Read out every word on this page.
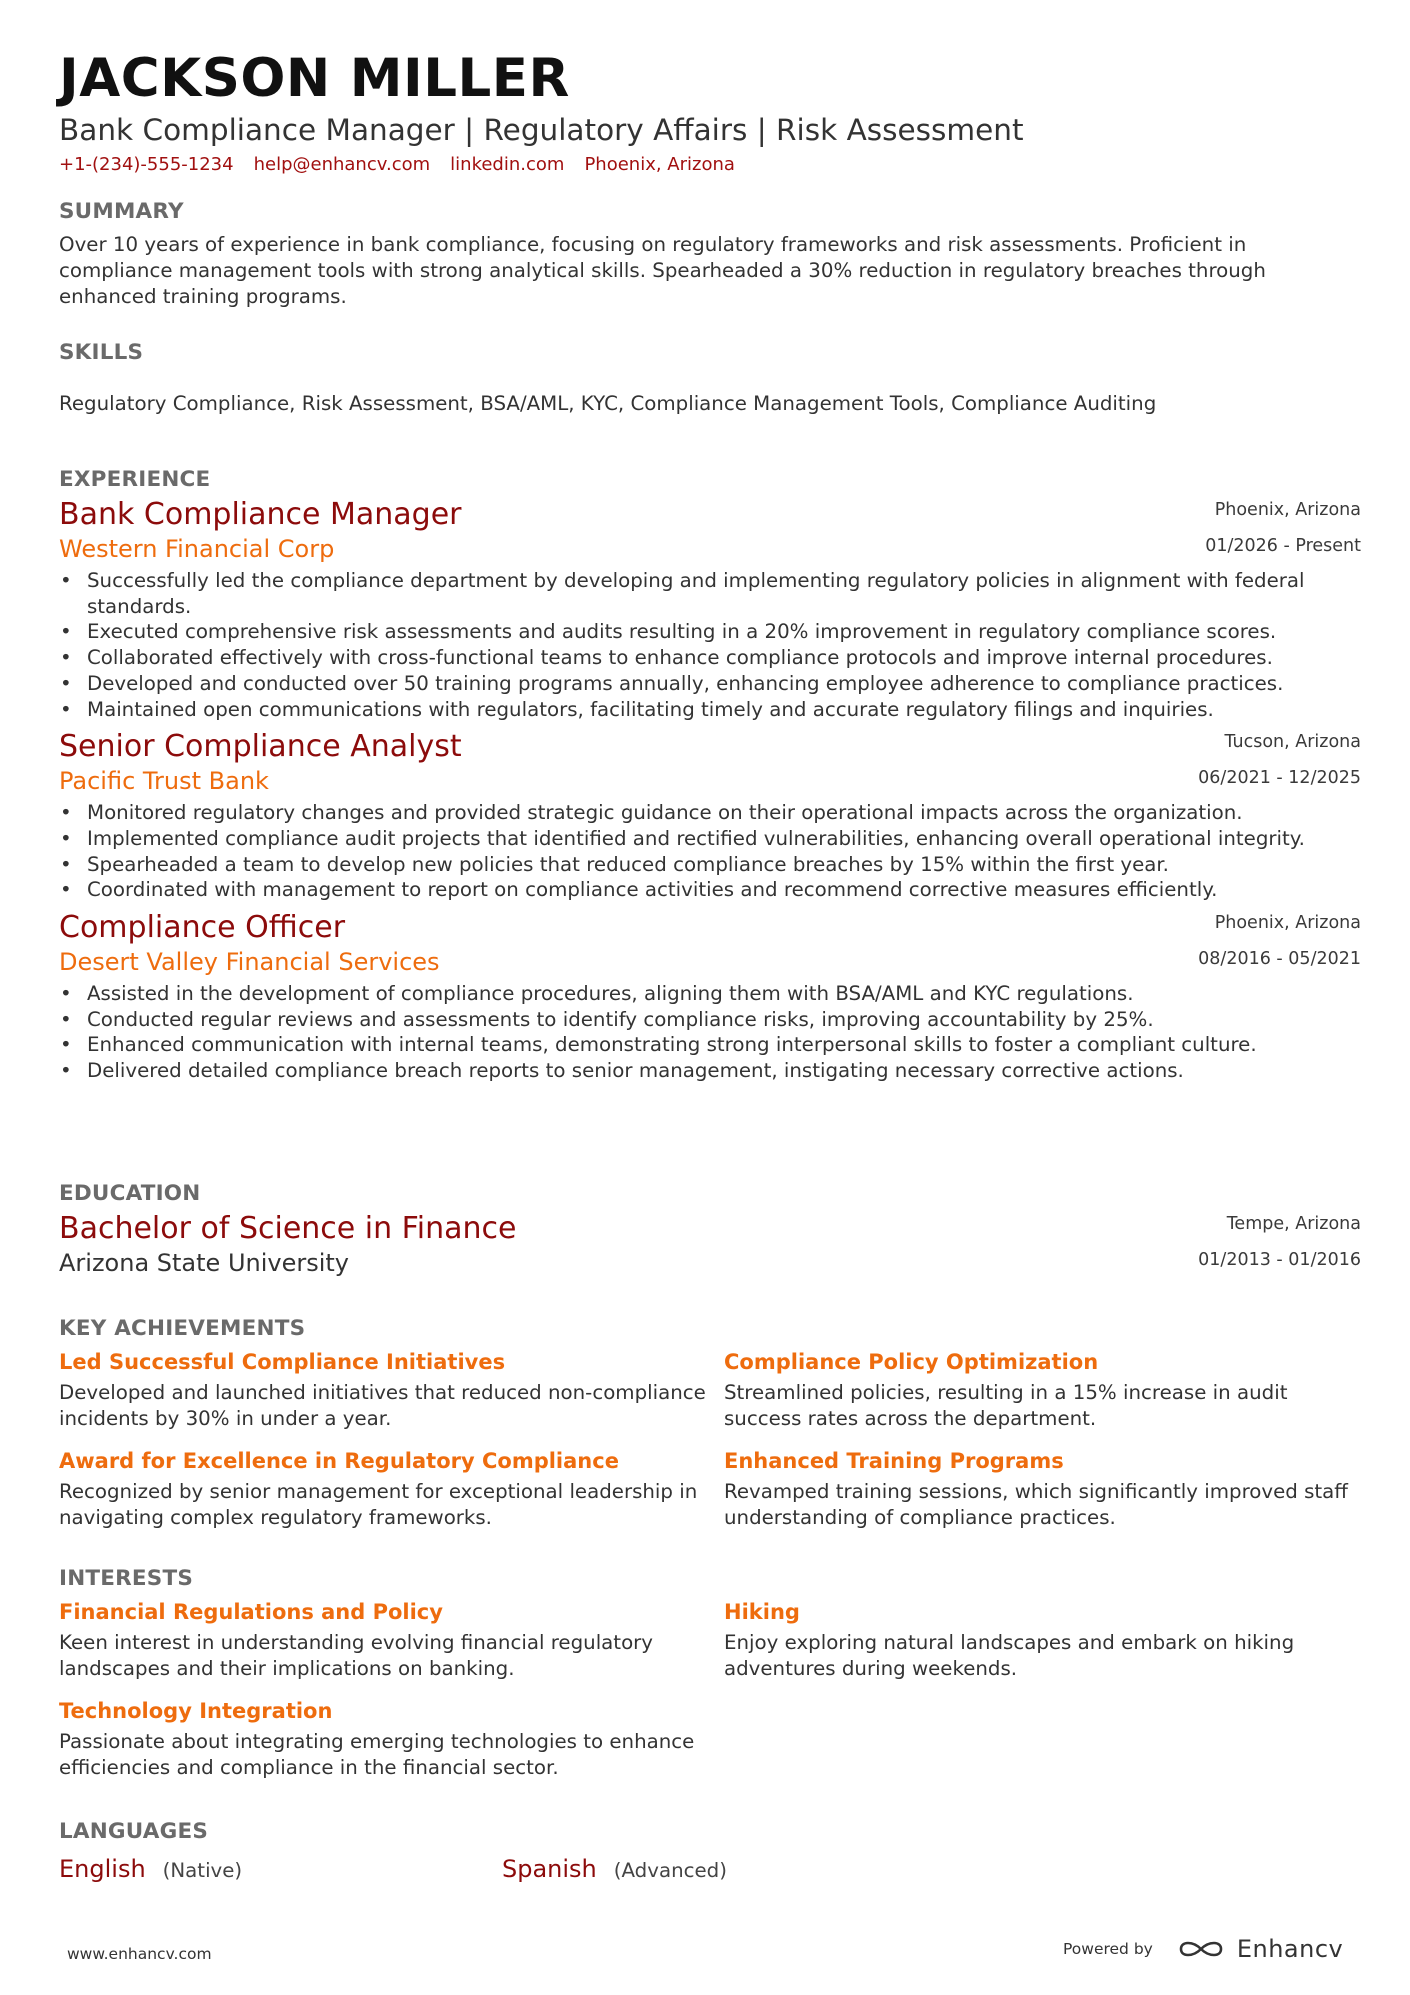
JACKSON MILLER
Bank Compliance Manager | Regulatory Affairs | Risk Assessment
+1-(234)-555-1234 help@enhancv.com linkedin.com Phoenix, Arizona
SUMMARY
Over 10 years of experience in bank compliance, focusing on regulatory frameworks and risk assessments. Proficient in compliance management tools with strong analytical skills. Spearheaded a 30% reduction in regulatory breaches through enhanced training programs.
SKILLS
Regulatory Compliance, Risk Assessment, BSA/AML, KYC, Compliance Management Tools, Compliance Auditing
EXPERIENCE
Bank Compliance Manager
Western Financial Corp
Phoenix, Arizona
01/2026 - Present
• Successfully led the compliance department by developing and implementing regulatory policies in alignment with federal standards.
• Executed comprehensive risk assessments and audits resulting in a 20% improvement in regulatory compliance scores.
• Collaborated effectively with cross-functional teams to enhance compliance protocols and improve internal procedures.
• Developed and conducted over 50 training programs annually, enhancing employee adherence to compliance practices.
• Maintained open communications with regulators, facilitating timely and accurate regulatory filings and inquiries.
Senior Compliance Analyst
Pacific Trust Bank
Tucson, Arizona
06/2021 - 12/2025
• Monitored regulatory changes and provided strategic guidance on their operational impacts across the organization.
• Implemented compliance audit projects that identified and rectified vulnerabilities, enhancing overall operational integrity.
• Spearheaded a team to develop new policies that reduced compliance breaches by 15% within the first year.
• Coordinated with management to report on compliance activities and recommend corrective measures efficiently.
Compliance Officer
Desert Valley Financial Services
Phoenix, Arizona
08/2016 - 05/2021
• Assisted in the development of compliance procedures, aligning them with BSA/AML and KYC regulations.
• Conducted regular reviews and assessments to identify compliance risks, improving accountability by 25%.
• Enhanced communication with internal teams, demonstrating strong interpersonal skills to foster a compliant culture.
• Delivered detailed compliance breach reports to senior management, instigating necessary corrective actions.
EDUCATION
Bachelor of Science in Finance
Arizona State University
Tempe, Arizona
01/2013 - 01/2016
KEY ACHIEVEMENTS
Led Successful Compliance Initiatives
Developed and launched initiatives that reduced non-compliance incidents by 30% in under a year.
Compliance Policy Optimization
Streamlined policies, resulting in a 15% increase in audit success rates across the department.
Award for Excellence in Regulatory Compliance
Recognized by senior management for exceptional leadership in navigating complex regulatory frameworks.
Enhanced Training Programs
Revamped training sessions, which significantly improved staff understanding of compliance practices.
INTERESTS
Financial Regulations and Policy
Keen interest in understanding evolving financial regulatory landscapes and their implications on banking.
Hiking
Enjoy exploring natural landscapes and embark on hiking adventures during weekends.
Technology Integration
Passionate about integrating emerging technologies to enhance efficiencies and compliance in the financial sector.
LANGUAGES
English (Native)	Spanish (Advanced)
www.enhancv.com	Powered by	Enhancv
